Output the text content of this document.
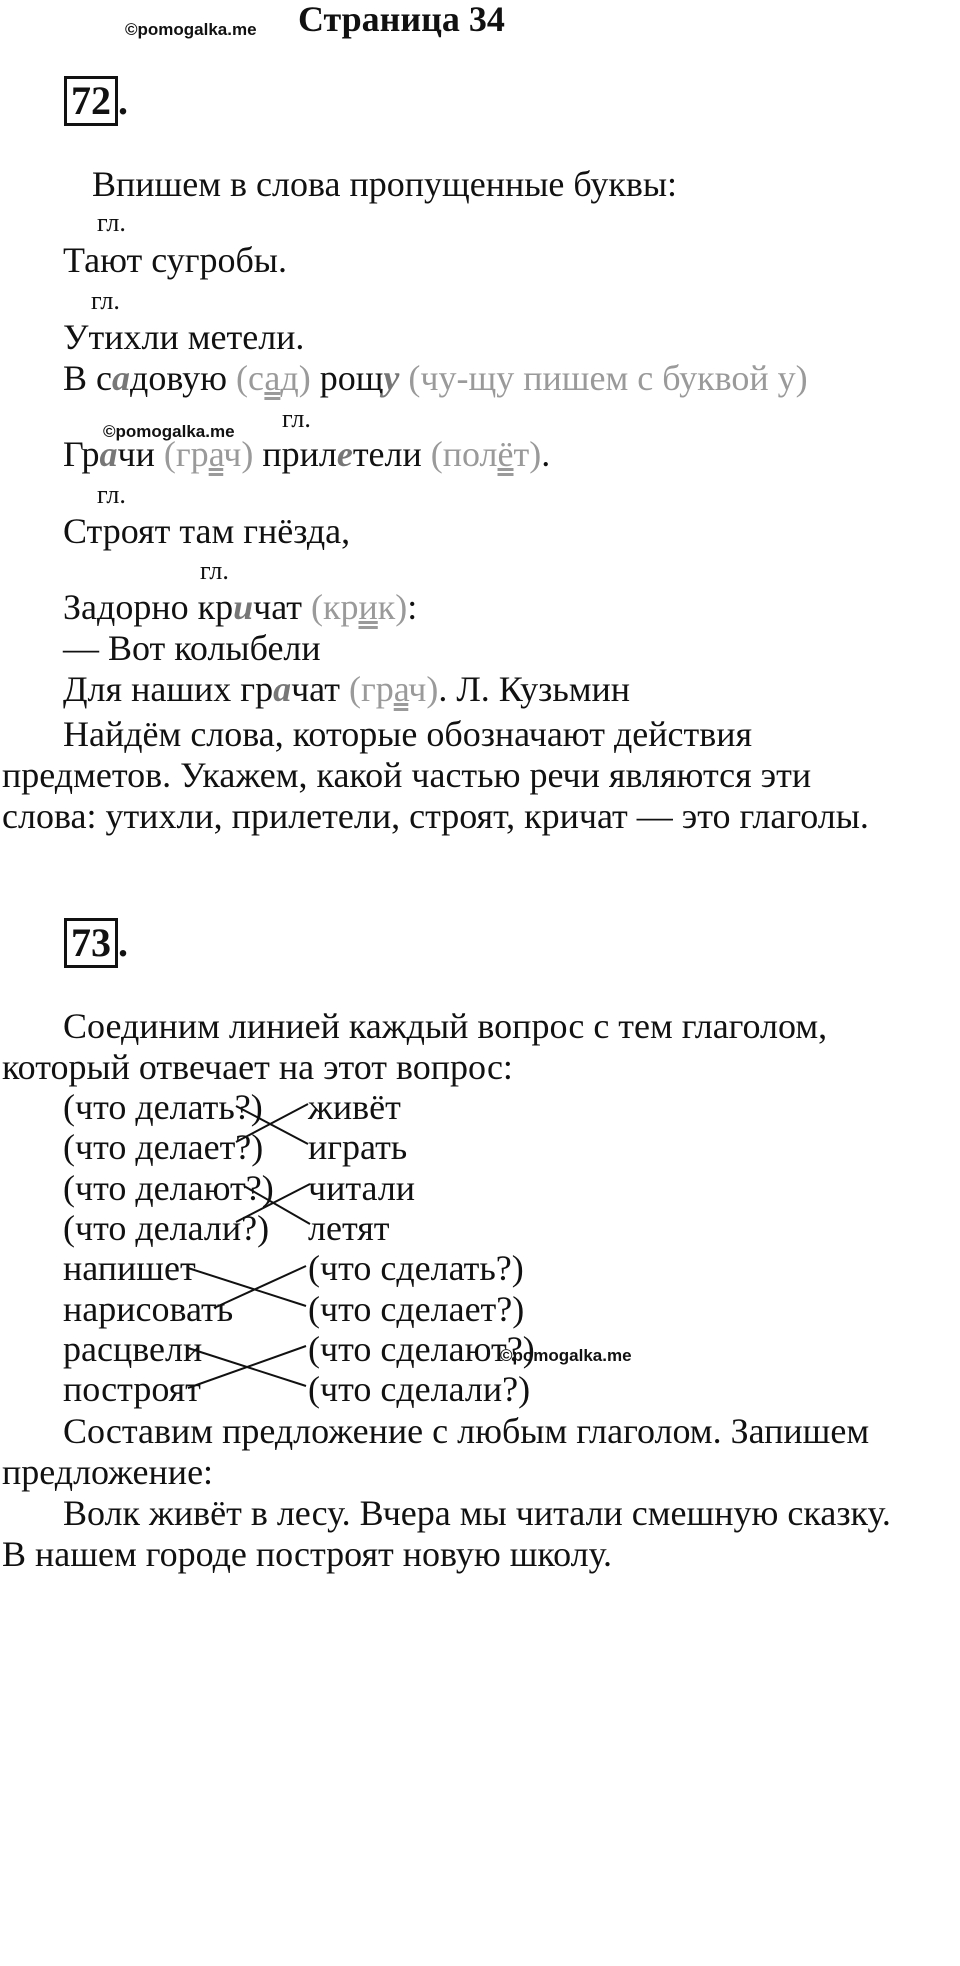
©pomogalka.me Страница 34
72 .
Впишем в слова пропущенные буквы:
гл.
Тают сугробы.
гл.
Утихли метели.
В садовую (сад) рощу (чу-щу пишем с буквой у)
гл.
©pomogalka.me
Грачи (грач) прилетели (полёт).
гл.
Строят там гнёзда,
гл.
Задорно кричат (крик):
— Вот колыбели
Для наших грачат (грач). Л. Кузьмин
Найдём слова, которые обозначают действия
предметов. Укажем, какой частью речи являются эти
слова: утихли, прилетели, строят, кричат — это глаголы.
73 .
Соединим линией каждый вопрос с тем глаголом,
который отвечает на этот вопрос:
(что делать?)
(что делает?)
(что делают?)
(что делали?)
напишет
нарисовать
расцвели
построят
живёт
играть
читали
летят
(что сделать?)
(что сделает?)
(что сделают?)
(что сделали?)
©pomogalka.me
Составим предложение с любым глаголом. Запишем
предложение:
Волк живёт в лесу. Вчера мы читали смешную сказку.
В нашем городе построят новую школу.
